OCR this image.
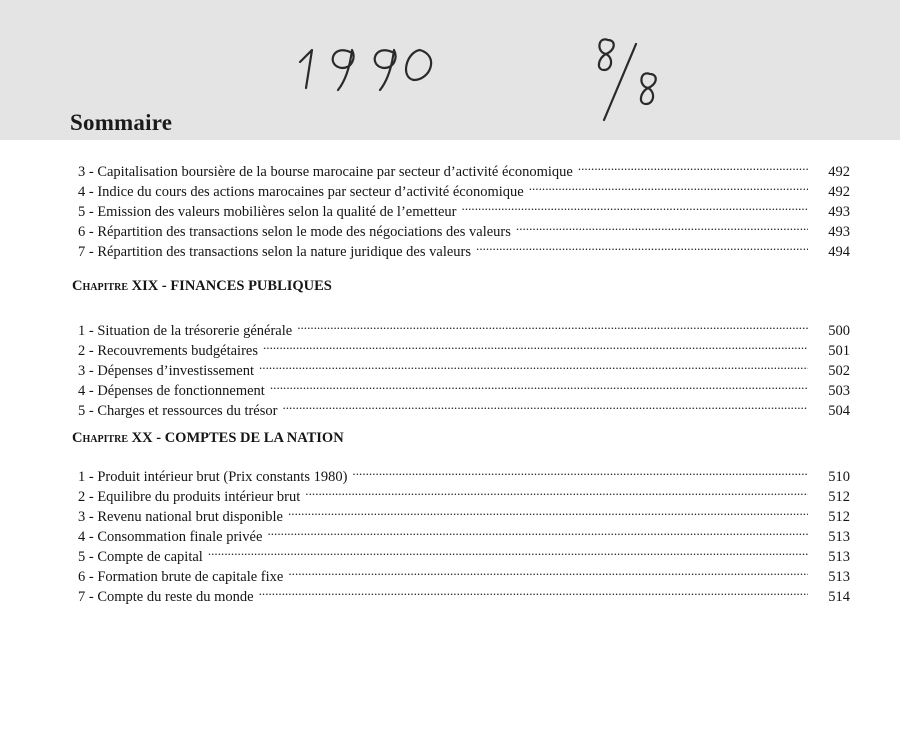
Sommaire
3 - Capitalisation boursière de la bourse marocaine par secteur d’activité économique . . .	492
4 - Indice du cours des actions marocaines par secteur d’activité économique . . .	492
5 - Emission des valeurs mobilières selon la qualité de l’emetteur . . .	493
6 - Répartition des transactions selon le mode des négociations des valeurs . . .	493
7 - Répartition des transactions selon la nature juridique des valeurs . . .	494
Chapitre XIX - FINANCES PUBLIQUES
1 - Situation de la trésorerie générale . . .	500
2 - Recouvrements budgétaires . . .	501
3 - Dépenses d’investissement . . .	502
4 - Dépenses de fonctionnement . . .	503
5 - Charges et ressources du trésor . . .	504
Chapitre XX - COMPTES DE LA NATION
1 - Produit intérieur brut (Prix constants 1980) . . .	510
2 - Equilibre du produits intérieur brut . . .	512
3 - Revenu national brut disponible . . .	512
4 - Consommation finale privée . . .	513
5 - Compte de capital . . .	513
6 - Formation brute de capitale fixe . . .	513
7 - Compte du reste du monde . . .	514
